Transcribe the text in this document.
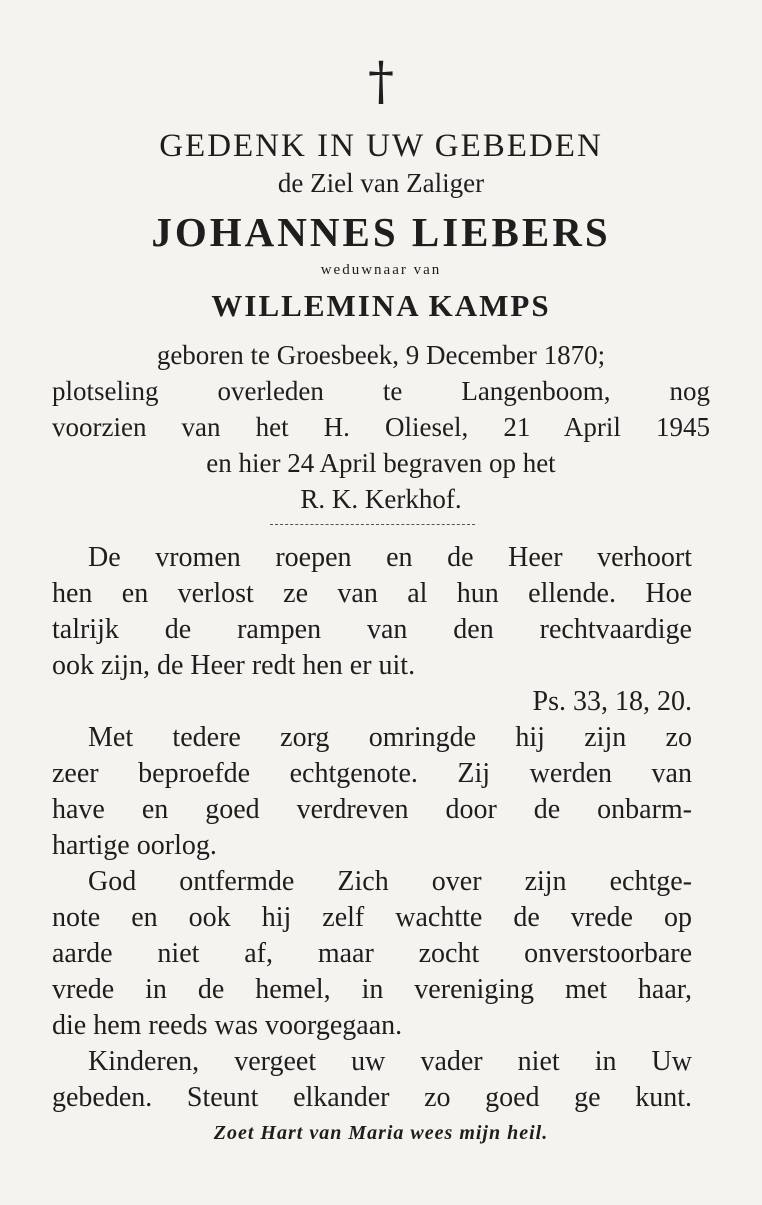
†
GEDENK IN UW GEBEDEN
de Ziel van Zaliger
JOHANNES LIEBERS
weduwnaar van
WILLEMINA KAMPS
geboren te Groesbeek, 9 December 1870;
plotseling overleden te Langenboom, nog
voorzien van het H. Oliesel, 21 April 1945
en hier 24 April begraven op het
R. K. Kerkhof.
De vromen roepen en de Heer verhoort
hen en verlost ze van al hun ellende. Hoe
talrijk de rampen van den rechtvaardige
ook zijn, de Heer redt hen er uit.
Ps. 33, 18, 20.
Met tedere zorg omringde hij zijn zo
zeer beproefde echtgenote. Zij werden van
have en goed verdreven door de onbarm-
hartige oorlog.
God ontfermde Zich over zijn echtge-
note en ook hij zelf wachtte de vrede op
aarde niet af, maar zocht onverstoorbare
vrede in de hemel, in vereniging met haar,
die hem reeds was voorgegaan.
Kinderen, vergeet uw vader niet in Uw
gebeden. Steunt elkander zo goed ge kunt.
Zoet Hart van Maria wees mijn heil.
